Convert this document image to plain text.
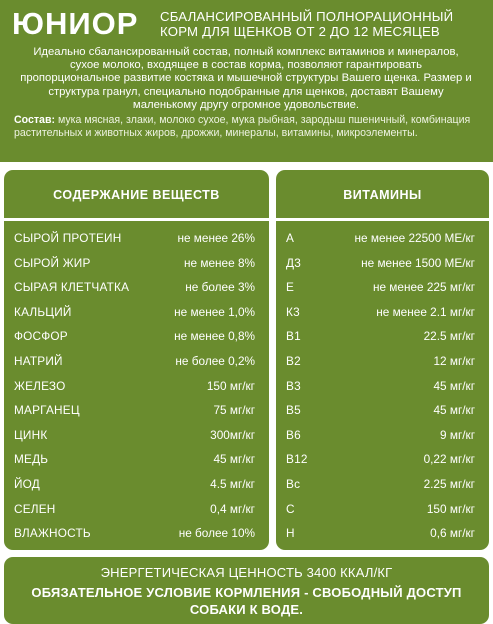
ЮНИОР СБАЛАНСИРОВАННЫЙ ПОЛНОРАЦИОННЫЙ КОРМ ДЛЯ ЩЕНКОВ ОТ 2 ДО 12 МЕСЯЦЕВ
Идеально сбалансированный состав, полный комплекс витаминов и минералов, сухое молоко, входящее в состав корма, позволяют гарантировать пропорциональное развитие костяка и мышечной структуры Вашего щенка. Размер и структура гранул, специально подобранные для щенков, доставят Вашему маленькому другу огромное удовольствие.
Состав: мука мясная, злаки, молоко сухое, мука рыбная, зародыш пшеничный, комбинация растительных и животных жиров, дрожжи, минералы, витамины, микроэлементы.
СОДЕРЖАНИЕ ВЕЩЕСТВ
СЫРОЙ ПРОТЕИН	не менее 26%
СЫРОЙ ЖИР	не менее 8%
СЫРАЯ КЛЕТЧАТКА	не более 3%
КАЛЬЦИЙ	не менее 1,0%
ФОСФОР	не менее 0,8%
НАТРИЙ	не более 0,2%
ЖЕЛЕЗО	150 мг/кг
МАРГАНЕЦ	75 мг/кг
ЦИНК	300мг/кг
МЕДЬ	45 мг/кг
ЙОД	4.5 мг/кг
СЕЛЕН	0,4 мг/кг
ВЛАЖНОСТЬ	не более 10%
ВИТАМИНЫ
А	не менее 22500 МЕ/кг
Д3	не менее 1500 МЕ/кг
Е	не менее 225 мг/кг
К3	не менее 2.1 мг/кг
В1	22.5 мг/кг
В2	12 мг/кг
В3	45 мг/кг
В5	45 мг/кг
В6	9 мг/кг
В12	0,22 мг/кг
Вс	2.25 мг/кг
С	150 мг/кг
Н	0,6 мг/кг
ЭНЕРГЕТИЧЕСКАЯ ЦЕННОСТЬ 3400 ККАЛ/КГ
ОБЯЗАТЕЛЬНОЕ УСЛОВИЕ КОРМЛЕНИЯ - СВОБОДНЫЙ ДОСТУП СОБАКИ К ВОДЕ.
